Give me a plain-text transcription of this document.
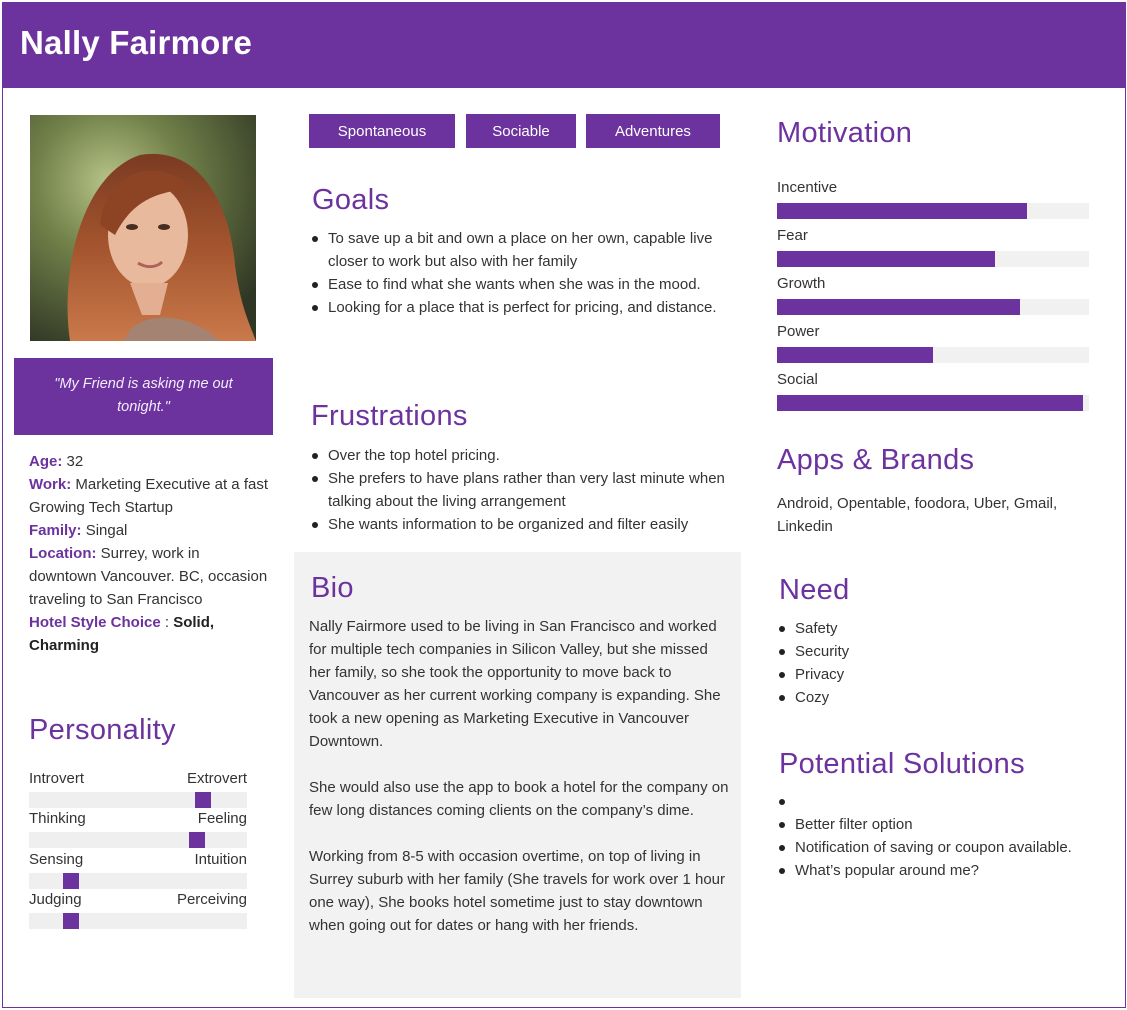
Nally Fairmore
"My Friend is asking me out tonight."
Age: 32
Work: Marketing Executive at a fast Growing Tech Startup
Family: Singal
Location: Surrey, work in downtown Vancouver. BC, occasion traveling to San Francisco
Hotel Style Choice : Solid, Charming
Personality
Introvert	Extrovert
Thinking	Feeling
Sensing	Intuition
Judging	Perceiving
Spontaneous	Sociable	Adventures
Goals
To save up a bit and own a place on her own, capable live closer to work but also with her family
Ease to find what she wants when she was in the mood.
Looking for a place that is perfect for pricing, and distance.
Frustrations
Over the top hotel pricing.
She prefers to have plans rather than very last minute when talking about the living arrangement
She wants information to be organized and filter easily
Bio

Nally Fairmore used to be living in San Francisco and worked for multiple tech companies in Silicon Valley, but she missed her family, so she took the opportunity to move back to Vancouver as her current working company is expanding. She took a new opening as Marketing Executive in Vancouver Downtown.

She would also use the app to book a hotel for the company on few long distances coming clients on the company’s dime.

Working from 8-5 with occasion overtime, on top of living in Surrey suburb with her family (She travels for work over 1 hour one way), She books hotel sometime just to stay downtown when going out for dates or hang with her friends.

Motivation
Incentive
Fear
Growth
Power
Social
Apps & Brands
Android, Opentable, foodora, Uber, Gmail, Linkedin
Need
Safety
Security
Privacy
Cozy
Potential Solutions
Better filter option
Notification of saving or coupon available.
What’s popular around me?
